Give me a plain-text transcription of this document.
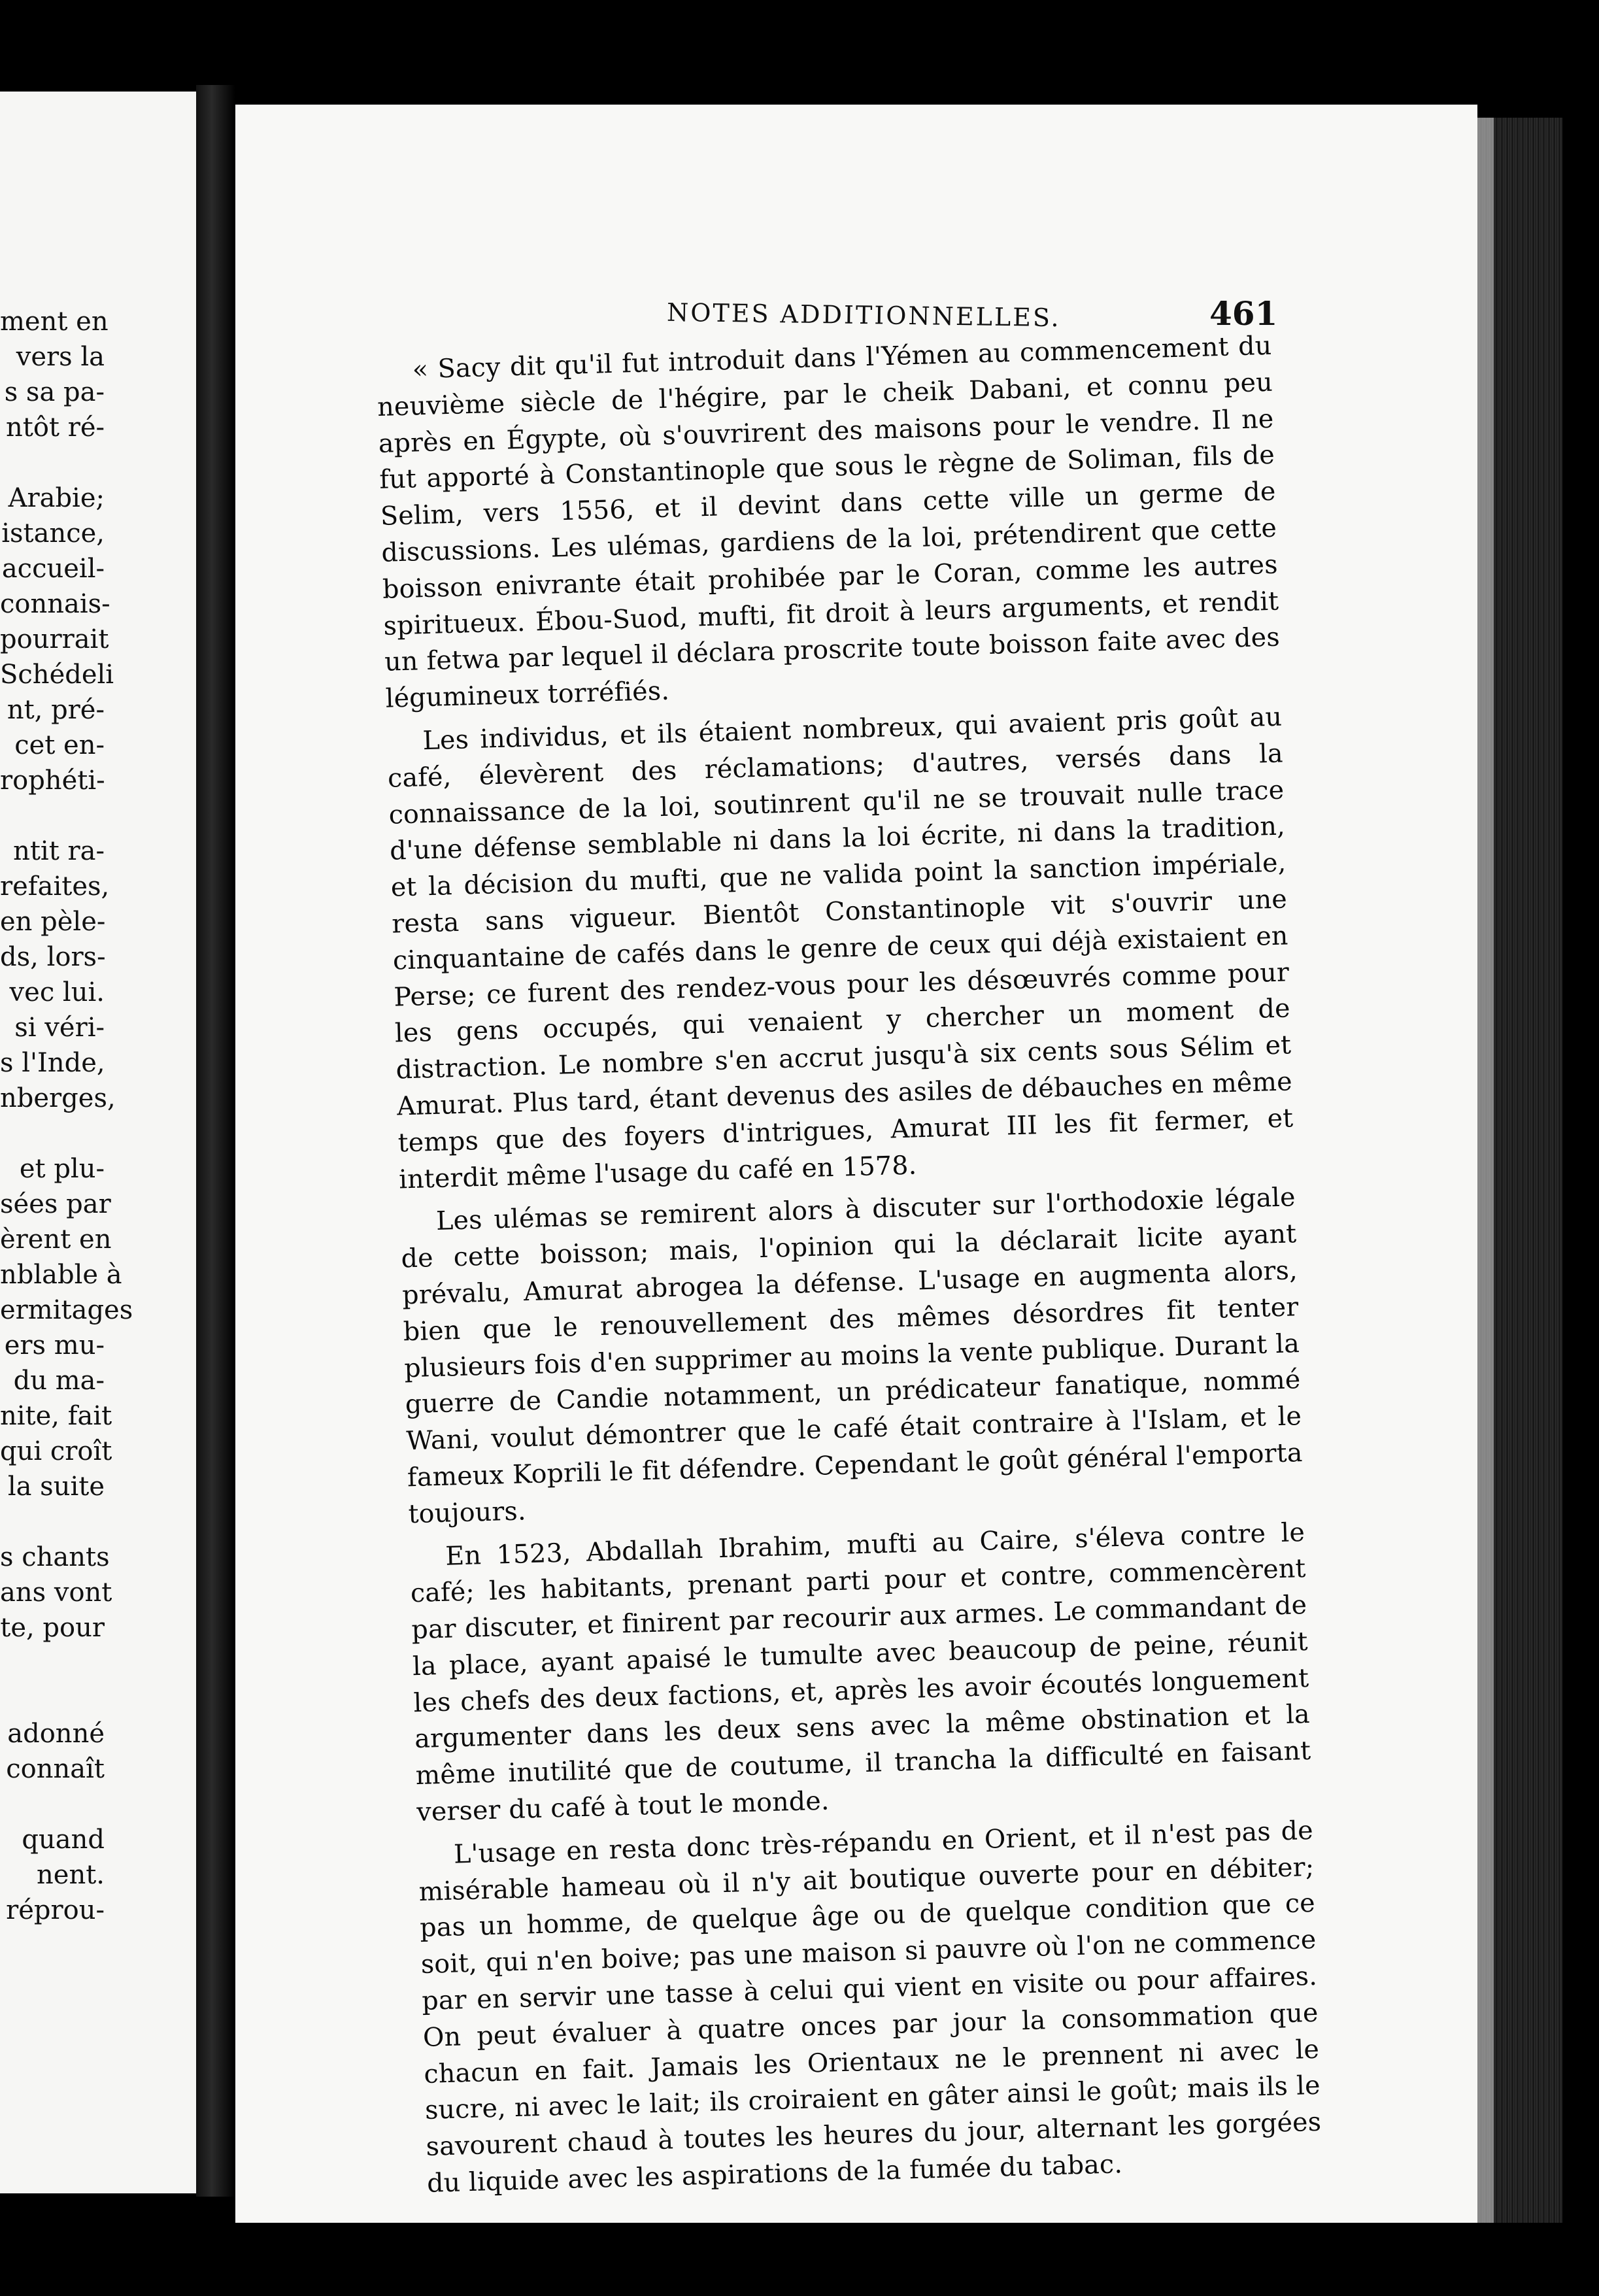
ment en
vers la
s sa pa-
ntôt ré-
Arabie;
istance,
accueil-
connais-
pourrait
Schédeli
nt, pré-
cet en-
rophéti-
ntit ra-
refaites,
en pèle-
ds, lors-
vec lui.
si véri-
s l'Inde,
nberges,
et plu-
sées par
èrent en
nblable à
ermitages
ers mu-
du ma-
nite, fait
qui croît
la suite
s chants
ans vont
te, pour
adonné
connaît
quand
nent.
réprou-
NOTES ADDITIONNELLES.	461

« Sacy dit qu'il fut introduit dans l'Yémen au commencement du neuvième siècle de l'hégire, par le cheik Dabani, et connu peu après en Égypte, où s'ouvrirent des maisons pour le vendre. Il ne fut apporté à Constantinople que sous le règne de Soliman, fils de Selim, vers 1556, et il devint dans cette ville un germe de discussions. Les ulémas, gardiens de la loi, prétendirent que cette boisson enivrante était prohibée par le Coran, comme les autres spiritueux. Ébou-Suod, mufti, fit droit à leurs arguments, et rendit un fetwa par lequel il déclara proscrite toute boisson faite avec des légumineux torréfiés.

Les individus, et ils étaient nombreux, qui avaient pris goût au café, élevèrent des réclamations; d'autres, versés dans la connaissance de la loi, soutinrent qu'il ne se trouvait nulle trace d'une défense semblable ni dans la loi écrite, ni dans la tradition, et la décision du mufti, que ne valida point la sanction impériale, resta sans vigueur. Bientôt Constantinople vit s'ouvrir une cinquantaine de cafés dans le genre de ceux qui déjà existaient en Perse; ce furent des rendez-vous pour les désœuvrés comme pour les gens occupés, qui venaient y chercher un moment de distraction. Le nombre s'en accrut jusqu'à six cents sous Sélim et Amurat. Plus tard, étant devenus des asiles de débauches en même temps que des foyers d'intrigues, Amurat III les fit fermer, et interdit même l'usage du café en 1578.

Les ulémas se remirent alors à discuter sur l'orthodoxie légale de cette boisson; mais, l'opinion qui la déclarait licite ayant prévalu, Amurat abrogea la défense. L'usage en augmenta alors, bien que le renouvellement des mêmes désordres fit tenter plusieurs fois d'en supprimer au moins la vente publique. Durant la guerre de Candie notamment, un prédicateur fanatique, nommé Wani, voulut démontrer que le café était contraire à l'Islam, et le fameux Koprili le fit défendre. Cependant le goût général l'emporta toujours.

En 1523, Abdallah Ibrahim, mufti au Caire, s'éleva contre le café; les habitants, prenant parti pour et contre, commencèrent par discuter, et finirent par recourir aux armes. Le commandant de la place, ayant apaisé le tumulte avec beaucoup de peine, réunit les chefs des deux factions, et, après les avoir écoutés longuement argumenter dans les deux sens avec la même obstination et la même inutilité que de coutume, il trancha la difficulté en faisant verser du café à tout le monde.

L'usage en resta donc très-répandu en Orient, et il n'est pas de misérable hameau où il n'y ait boutique ouverte pour en débiter; pas un homme, de quelque âge ou de quelque condition que ce soit, qui n'en boive; pas une maison si pauvre où l'on ne commence par en servir une tasse à celui qui vient en visite ou pour affaires. On peut évaluer à quatre onces par jour la consommation que chacun en fait. Jamais les Orientaux ne le prennent ni avec le sucre, ni avec le lait; ils croiraient en gâter ainsi le goût; mais ils le savourent chaud à toutes les heures du jour, alternant les gorgées du liquide avec les aspirations de la fumée du tabac.
